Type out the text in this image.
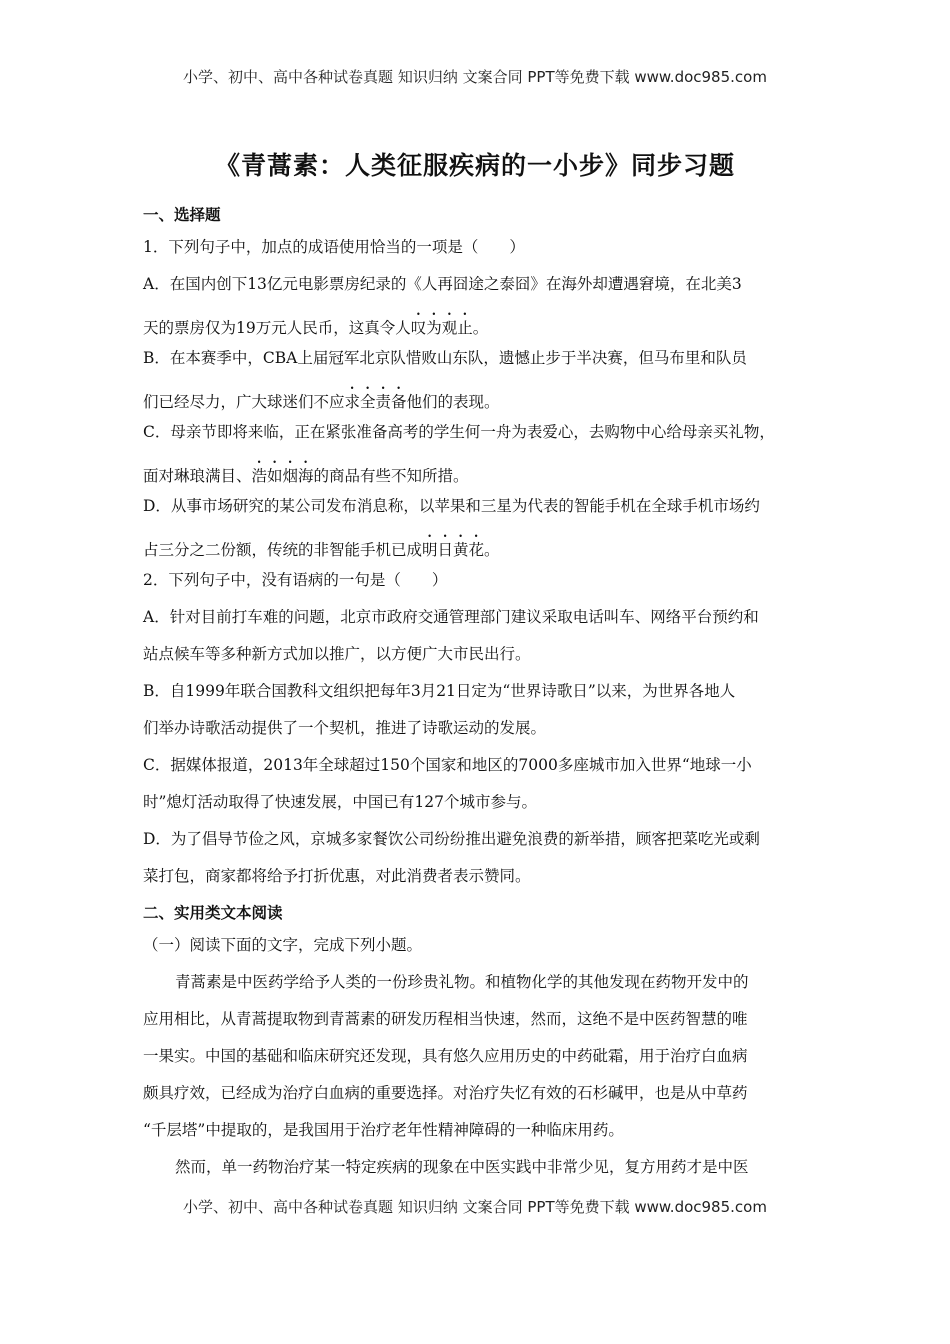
小学、初中、高中各种试卷真题 知识归纳 文案合同 PPT等免费下载 www.doc985.com
《青蒿素：人类征服疾病的一小步》同步习题
一、选择题
1．下列句子中，加点的成语使用恰当的一项是（　　）
A．在国内创下13亿元电影票房纪录的《人再囧途之泰囧》在海外却遭遇窘境，在北美3
天的票房仅为19万元人民币，这真令人叹为观止。
B．在本赛季中，CBA上届冠军北京队惜败山东队，遗憾止步于半决赛，但马布里和队员
们已经尽力，广大球迷们不应求全责备他们的表现。
C．母亲节即将来临，正在紧张准备高考的学生何一舟为表爱心，去购物中心给母亲买礼物，
面对琳琅满目、浩如烟海的商品有些不知所措。
D．从事市场研究的某公司发布消息称，以苹果和三星为代表的智能手机在全球手机市场约
占三分之二份额，传统的非智能手机已成明日黄花。
2．下列句子中，没有语病的一句是（　　）
A．针对目前打车难的问题，北京市政府交通管理部门建议采取电话叫车、网络平台预约和
站点候车等多种新方式加以推广，以方便广大市民出行。
B．自1999年联合国教科文组织把每年3月21日定为“世界诗歌日”以来，为世界各地人
们举办诗歌活动提供了一个契机，推进了诗歌运动的发展。
C．据媒体报道，2013年全球超过150个国家和地区的7000多座城市加入世界“地球一小
时”熄灯活动取得了快速发展，中国已有127个城市参与。
D．为了倡导节俭之风，京城多家餐饮公司纷纷推出避免浪费的新举措，顾客把菜吃光或剩
菜打包，商家都将给予打折优惠，对此消费者表示赞同。
二、实用类文本阅读
（一）阅读下面的文字，完成下列小题。
青蒿素是中医药学给予人类的一份珍贵礼物。和植物化学的其他发现在药物开发中的
应用相比，从青蒿提取物到青蒿素的研发历程相当快速，然而，这绝不是中医药智慧的唯
一果实。中国的基础和临床研究还发现，具有悠久应用历史的中药砒霜，用于治疗白血病
颇具疗效，已经成为治疗白血病的重要选择。对治疗失忆有效的石杉碱甲，也是从中草药
“千层塔”中提取的，是我国用于治疗老年性精神障碍的一种临床用药。
然而，单一药物治疗某一特定疾病的现象在中医实践中非常少见，复方用药才是中医
小学、初中、高中各种试卷真题 知识归纳 文案合同 PPT等免费下载 www.doc985.com
